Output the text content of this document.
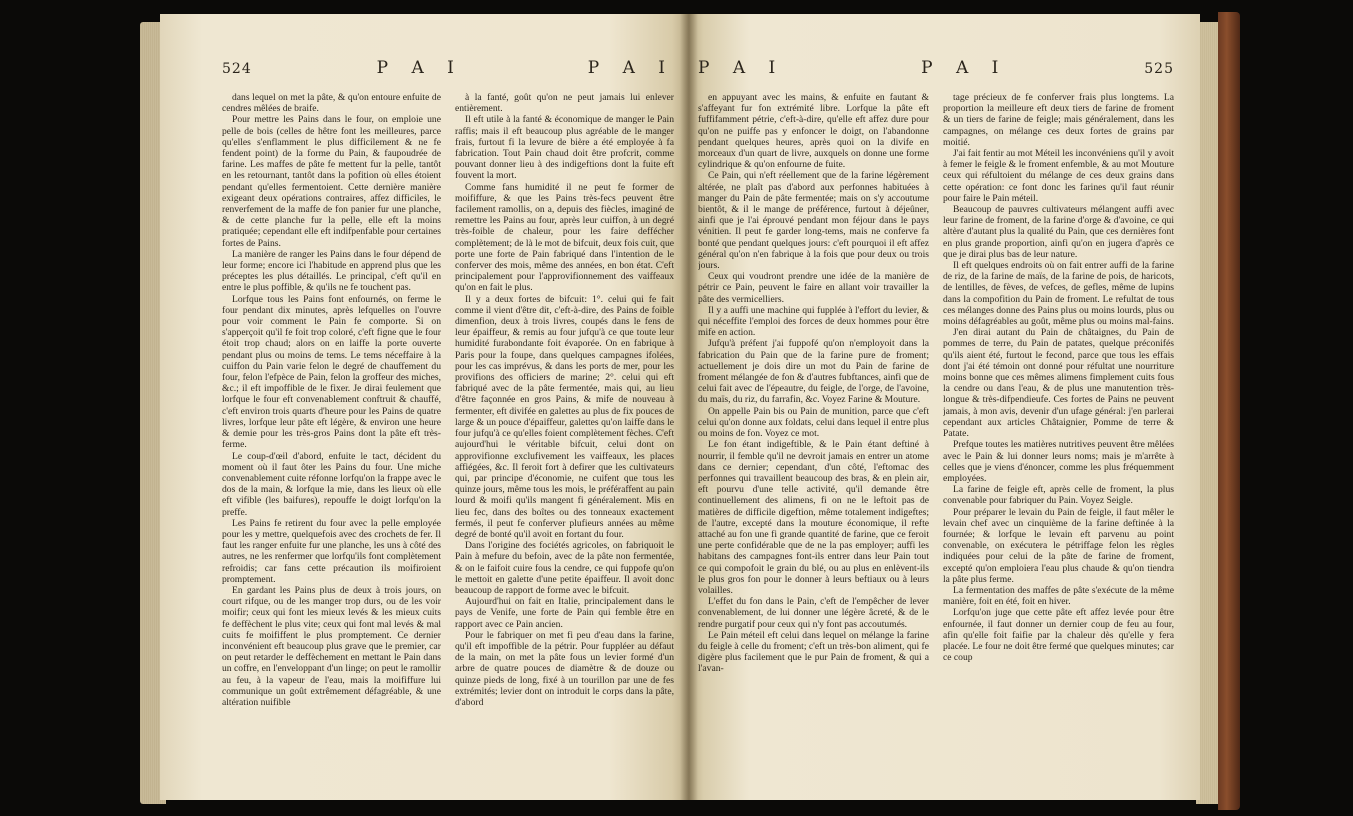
524	P A I	P A I

dans lequel on met la pâte, & qu'on entoure enfuite de cendres mêlées de braife.

Pour mettre les Pains dans le four, on emploie une pelle de bois (celles de hêtre font les meilleures, parce qu'elles s'enflamment le plus difficilement & ne fe fendent point) de la forme du Pain, & faupoudrée de farine. Les maffes de pâte fe mettent fur la pelle, tantôt en les retournant, tantôt dans la pofition où elles étoient pendant qu'elles fermentoient. Cette dernière manière exigeant deux opérations contraires, affez difficiles, le renverfement de la maffe de fon panier fur une planche, & de cette planche fur la pelle, elle eft la moins pratiquée; cependant elle eft indifpenfable pour certaines fortes de Pains.

La manière de ranger les Pains dans le four dépend de leur forme; encore ici l'habitude en apprend plus que les préceptes les plus détaillés. Le principal, c'eft qu'il en entre le plus poffible, & qu'ils ne fe touchent pas.

Lorfque tous les Pains font enfournés, on ferme le four pendant dix minutes, après lefquelles on l'ouvre pour voir comment le Pain fe comporte. Si on s'apperçoit qu'il fe foit trop coloré, c'eft figne que le four étoit trop chaud; alors on en laiffe la porte ouverte pendant plus ou moins de tems. Le tems néceffaire à la cuiffon du Pain varie felon le degré de chauffement du four, felon l'efpèce de Pain, felon la groffeur des miches, &c.; il eft impoffible de le fixer. Je dirai feulement que lorfque le four eft convenablement conftruit & chauffé, c'eft environ trois quarts d'heure pour les Pains de quatre livres, lorfque leur pâte eft légère, & environ une heure & demie pour les très-gros Pains dont la pâte eft très-ferme.

Le coup-d'œil d'abord, enfuite le tact, décident du moment où il faut ôter les Pains du four. Une miche convenablement cuite réfonne lorfqu'on la frappe avec le dos de la main, & lorfque la mie, dans les lieux où elle eft vifible (les baifures), repouffe le doigt lorfqu'on la preffe.

Les Pains fe retirent du four avec la pelle employée pour les y mettre, quelquefois avec des crochets de fer. Il faut les ranger enfuite fur une planche, les uns à côté des autres, ne les renfermer que lorfqu'ils font complètement refroidis; car fans cette précaution ils moifiroient promptement.

En gardant les Pains plus de deux à trois jours, on court rifque, ou de les manger trop durs, ou de les voir moifir; ceux qui font les mieux levés & les mieux cuits fe deffèchent le plus vite; ceux qui font mal levés & mal cuits fe moififfent le plus promptement. Ce dernier inconvénient eft beaucoup plus grave que le premier, car on peut retarder le deffèchement en mettant le Pain dans un coffre, en l'enveloppant d'un linge; on peut le ramollir au feu, à la vapeur de l'eau, mais la moififfure lui communique un goût extrêmement défagréable, & une altération nuifible

à la fanté, goût qu'on ne peut jamais lui enlever entièrement.

Il eft utile à la fanté & économique de manger le Pain raffis; mais il eft beaucoup plus agréable de le manger frais, furtout fi la levure de bière a été employée à fa fabrication. Tout Pain chaud doit être profcrit, comme pouvant donner lieu à des indigeftions dont la fuite eft fouvent la mort.

Comme fans humidité il ne peut fe former de moififfure, & que les Pains très-fecs peuvent être facilement ramollis, on a, depuis des fiècles, imaginé de remettre les Pains au four, après leur cuiffon, à un degré très-foible de chaleur, pour les faire deffécher complètement; de là le mot de bifcuit, deux fois cuit, que porte une forte de Pain fabriqué dans l'intention de le conferver des mois, même des années, en bon état. C'eft principalement pour l'approvifionnement des vaiffeaux qu'on en fait le plus.

Il y a deux fortes de bifcuit: 1°. celui qui fe fait comme il vient d'être dit, c'eft-à-dire, des Pains de foible dimenfion, deux à trois livres, coupés dans le fens de leur épaiffeur, & remis au four jufqu'à ce que toute leur humidité furabondante foit évaporée. On en fabrique à Paris pour la foupe, dans quelques campagnes ifolées, pour les cas imprévus, & dans les ports de mer, pour les provifions des officiers de marine; 2°. celui qui eft fabriqué avec de la pâte fermentée, mais qui, au lieu d'être façonnée en gros Pains, & mife de nouveau à fermenter, eft divifée en galettes au plus de fix pouces de large & un pouce d'épaiffeur, galettes qu'on laiffe dans le four jufqu'à ce qu'elles foient complètement fèches. C'eft aujourd'hui le véritable bifcuit, celui dont on approvifionne exclufivement les vaiffeaux, les places affiégées, &c. Il feroit fort à defirer que les cultivateurs qui, par principe d'économie, ne cuifent que tous les quinze jours, même tous les mois, le préféraffent au pain lourd & moifi qu'ils mangent fi généralement. Mis en lieu fec, dans des boîtes ou des tonneaux exactement fermés, il peut fe conferver plufieurs années au même degré de bonté qu'il avoit en fortant du four.

Dans l'origine des fociétés agricoles, on fabriquoit le Pain à mefure du befoin, avec de la pâte non fermentée, & on le faifoit cuire fous la cendre, ce qui fuppofe qu'on le mettoit en galette d'une petite épaiffeur. Il avoit donc beaucoup de rapport de forme avec le bifcuit.

Aujourd'hui on fait en Italie, principalement dans le pays de Venife, une forte de Pain qui femble être en rapport avec ce Pain ancien.

Pour le fabriquer on met fi peu d'eau dans la farine, qu'il eft impoffible de la pétrir. Pour fuppléer au défaut de la main, on met la pâte fous un levier formé d'un arbre de quatre pouces de diamètre & de douze ou quinze pieds de long, fixé à un tourillon par une de fes extrémités; levier dont on introduit le corps dans la pâte, d'abord

P A I	P A I	525

en appuyant avec les mains, & enfuite en fautant & s'affeyant fur fon extrémité libre. Lorfque la pâte eft fuffifamment pétrie, c'eft-à-dire, qu'elle eft affez dure pour qu'on ne puiffe pas y enfoncer le doigt, on l'abandonne pendant quelques heures, après quoi on la divife en morceaux d'un quart de livre, auxquels on donne une forme cylindrique & qu'on enfourne de fuite.

Ce Pain, qui n'eft réellement que de la farine légèrement altérée, ne plaît pas d'abord aux perfonnes habituées à manger du Pain de pâte fermentée; mais on s'y accoutume bientôt, & il le mange de préférence, furtout à déjeûner, ainfi que je l'ai éprouvé pendant mon féjour dans le pays vénitien. Il peut fe garder long-tems, mais ne conferve fa bonté que pendant quelques jours: c'eft pourquoi il eft affez général qu'on n'en fabrique à la fois que pour deux ou trois jours.

Ceux qui voudront prendre une idée de la manière de pétrir ce Pain, peuvent le faire en allant voir travailler la pâte des vermicelliers.

Il y a auffi une machine qui fupplée à l'effort du levier, & qui néceffite l'emploi des forces de deux hommes pour être mife en action.

Jufqu'à préfent j'ai fuppofé qu'on n'employoit dans la fabrication du Pain que de la farine pure de froment; actuellement je dois dire un mot du Pain de farine de froment mélangée de fon & d'autres fubftances, ainfi que de celui fait avec de l'épeautre, du feigle, de l'orge, de l'avoine, du maïs, du riz, du farrafin, &c. Voyez Farine & Mouture.

On appelle Pain bis ou Pain de munition, parce que c'eft celui qu'on donne aux foldats, celui dans lequel il entre plus ou moins de fon. Voyez ce mot.

Le fon étant indigeftible, & le Pain étant deftiné à nourrir, il femble qu'il ne devroit jamais en entrer un atome dans ce dernier; cependant, d'un côté, l'eftomac des perfonnes qui travaillent beaucoup des bras, & en plein air, eft pourvu d'une telle activité, qu'il demande être continuellement des alimens, fi on ne le leftoit pas de matières de difficile digeftion, même totalement indigeftes; de l'autre, excepté dans la mouture économique, il refte attaché au fon une fi grande quantité de farine, que ce feroit une perte confidérable que de ne la pas employer; auffi les habitans des campagnes font-ils entrer dans leur Pain tout ce qui compofoit le grain du blé, ou au plus en enlèvent-ils le plus gros fon pour le donner à leurs beftiaux ou à leurs volailles.

L'effet du fon dans le Pain, c'eft de l'empêcher de lever convenablement, de lui donner une légère âcreté, & de le rendre purgatif pour ceux qui n'y font pas accoutumés.

Le Pain méteil eft celui dans lequel on mélange la farine du feigle à celle du froment; c'eft un très-bon aliment, qui fe digère plus facilement que le pur Pain de froment, & qui a l'avan-

tage précieux de fe conferver frais plus longtems. La proportion la meilleure eft deux tiers de farine de froment & un tiers de farine de feigle; mais généralement, dans les campagnes, on mélange ces deux fortes de grains par moitié.

J'ai fait fentir au mot Méteil les inconvéniens qu'il y avoit à femer le feigle & le froment enfemble, & au mot Mouture ceux qui réfultoient du mélange de ces deux grains dans cette opération: ce font donc les farines qu'il faut réunir pour faire le Pain méteil.

Beaucoup de pauvres cultivateurs mélangent auffi avec leur farine de froment, de la farine d'orge & d'avoine, ce qui altère d'autant plus la qualité du Pain, que ces dernières font en plus grande proportion, ainfi qu'on en jugera d'après ce que je dirai plus bas de leur nature.

Il eft quelques endroits où on fait entrer auffi de la farine de riz, de la farine de maïs, de la farine de pois, de haricots, de lentilles, de fèves, de vefces, de gefles, même de lupins dans la compofition du Pain de froment. Le refultat de tous ces mélanges donne des Pains plus ou moins lourds, plus ou moins défagréables au goût, même plus ou moins mal-fains.

J'en dirai autant du Pain de châtaignes, du Pain de pommes de terre, du Pain de patates, quelque préconifés qu'ils aient été, furtout le fecond, parce que tous les effais dont j'ai été témoin ont donné pour réfultat une nourriture moins bonne que ces mêmes alimens fimplement cuits fous la cendre ou dans l'eau, & de plus une manutention très-longue & très-difpendieufe. Ces fortes de Pains ne peuvent jamais, à mon avis, devenir d'un ufage général: j'en parlerai cependant aux articles Châtaignier, Pomme de terre & Patate.

Prefque toutes les matières nutritives peuvent être mêlées avec le Pain & lui donner leurs noms; mais je m'arrête à celles que je viens d'énoncer, comme les plus fréquemment employées.

La farine de feigle eft, après celle de froment, la plus convenable pour fabriquer du Pain. Voyez Seigle.

Pour préparer le levain du Pain de feigle, il faut mêler le levain chef avec un cinquième de la farine deftinée à la fournée; & lorfque le levain eft parvenu au point convenable, on exécutera le pétriffage felon les règles indiquées pour celui de la pâte de farine de froment, excepté qu'on emploiera l'eau plus chaude & qu'on tiendra la pâte plus ferme.

La fermentation des maffes de pâte s'exécute de la même manière, foit en été, foit en hiver.

Lorfqu'on juge que cette pâte eft affez levée pour être enfournée, il faut donner un dernier coup de feu au four, afin qu'elle foit faifie par la chaleur dès qu'elle y fera placée. Le four ne doit être fermé que quelques minutes; car ce coup
